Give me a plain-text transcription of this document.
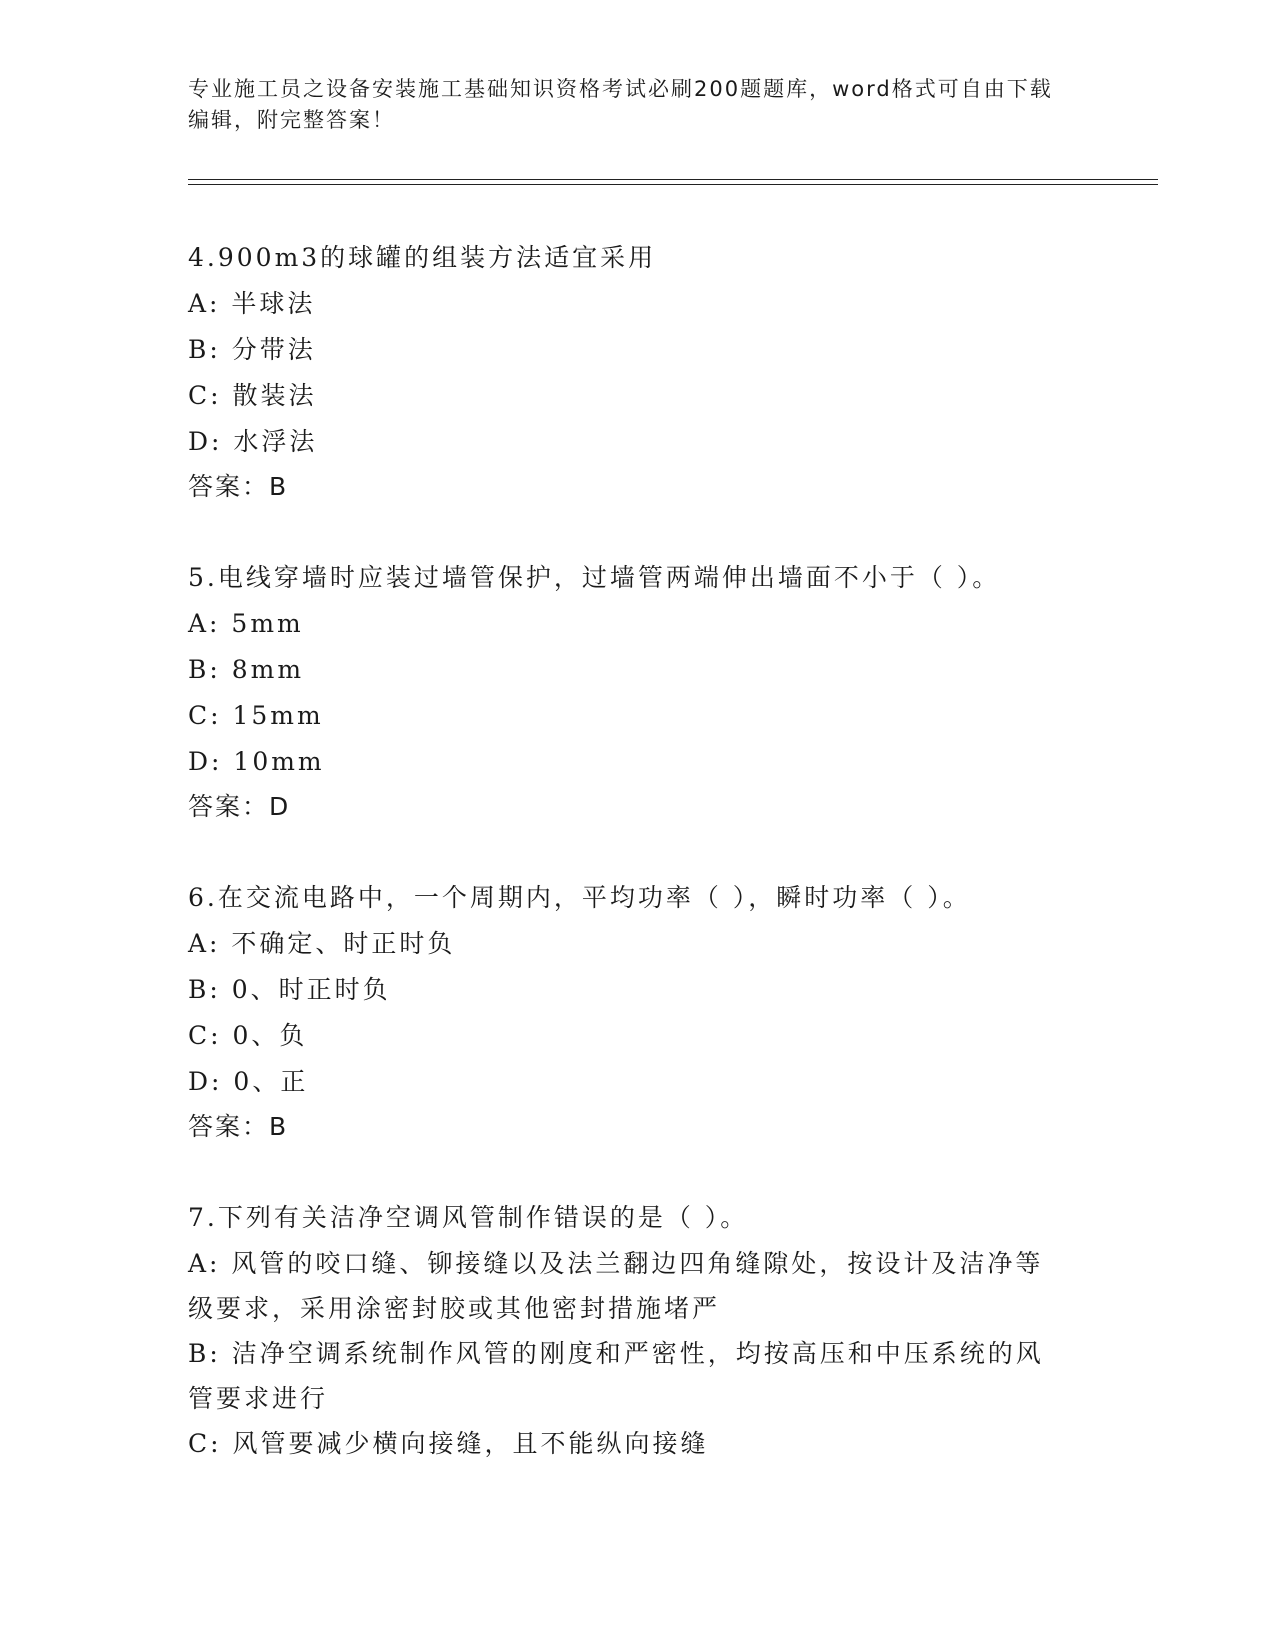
专业施工员之设备安装施工基础知识资格考试必刷200题题库，word格式可自由下载编辑，附完整答案！
4.900m3的球罐的组装方法适宜采用
A: 半球法
B: 分带法
C: 散装法
D: 水浮法
答案：B
5.电线穿墙时应装过墙管保护，过墙管两端伸出墙面不小于（ ）。
A: 5mm
B: 8mm
C: 15mm
D: 10mm
答案：D
6.在交流电路中，一个周期内，平均功率（ ），瞬时功率（ ）。
A: 不确定、时正时负
B: 0、时正时负
C: 0、负
D: 0、正
答案：B
7.下列有关洁净空调风管制作错误的是（ ）。
A: 风管的咬口缝、铆接缝以及法兰翻边四角缝隙处，按设计及洁净等级要求，采用涂密封胶或其他密封措施堵严
B: 洁净空调系统制作风管的刚度和严密性，均按高压和中压系统的风管要求进行
C: 风管要减少横向接缝，且不能纵向接缝
